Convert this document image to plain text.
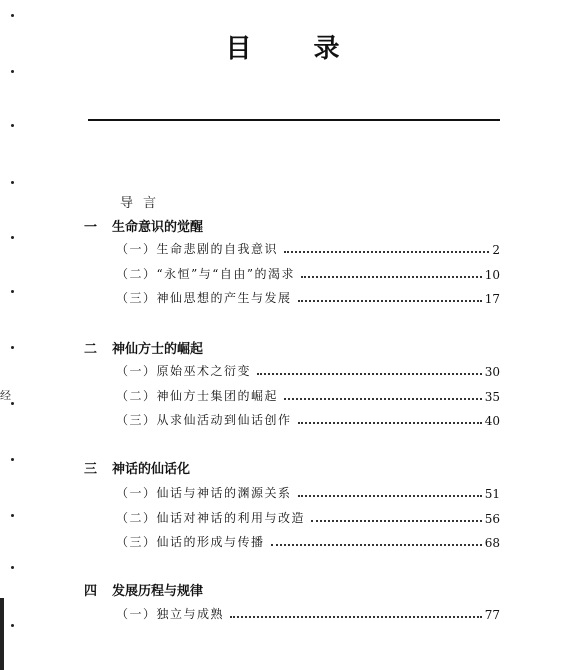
目录
导言
一 生命意识的觉醒
（一）生命悲剧的自我意识	2
（二）“永恒”与“自由”的渴求	10
（三）神仙思想的产生与发展	17
二 神仙方士的崛起
（一）原始巫术之衍变	30
（二）神仙方士集团的崛起	35
（三）从求仙活动到仙话创作	40
三 神话的仙话化
（一）仙话与神话的渊源关系	51
（二）仙话对神话的利用与改造	56
（三）仙话的形成与传播	68
四 发展历程与规律
（一）独立与成熟	77
经
